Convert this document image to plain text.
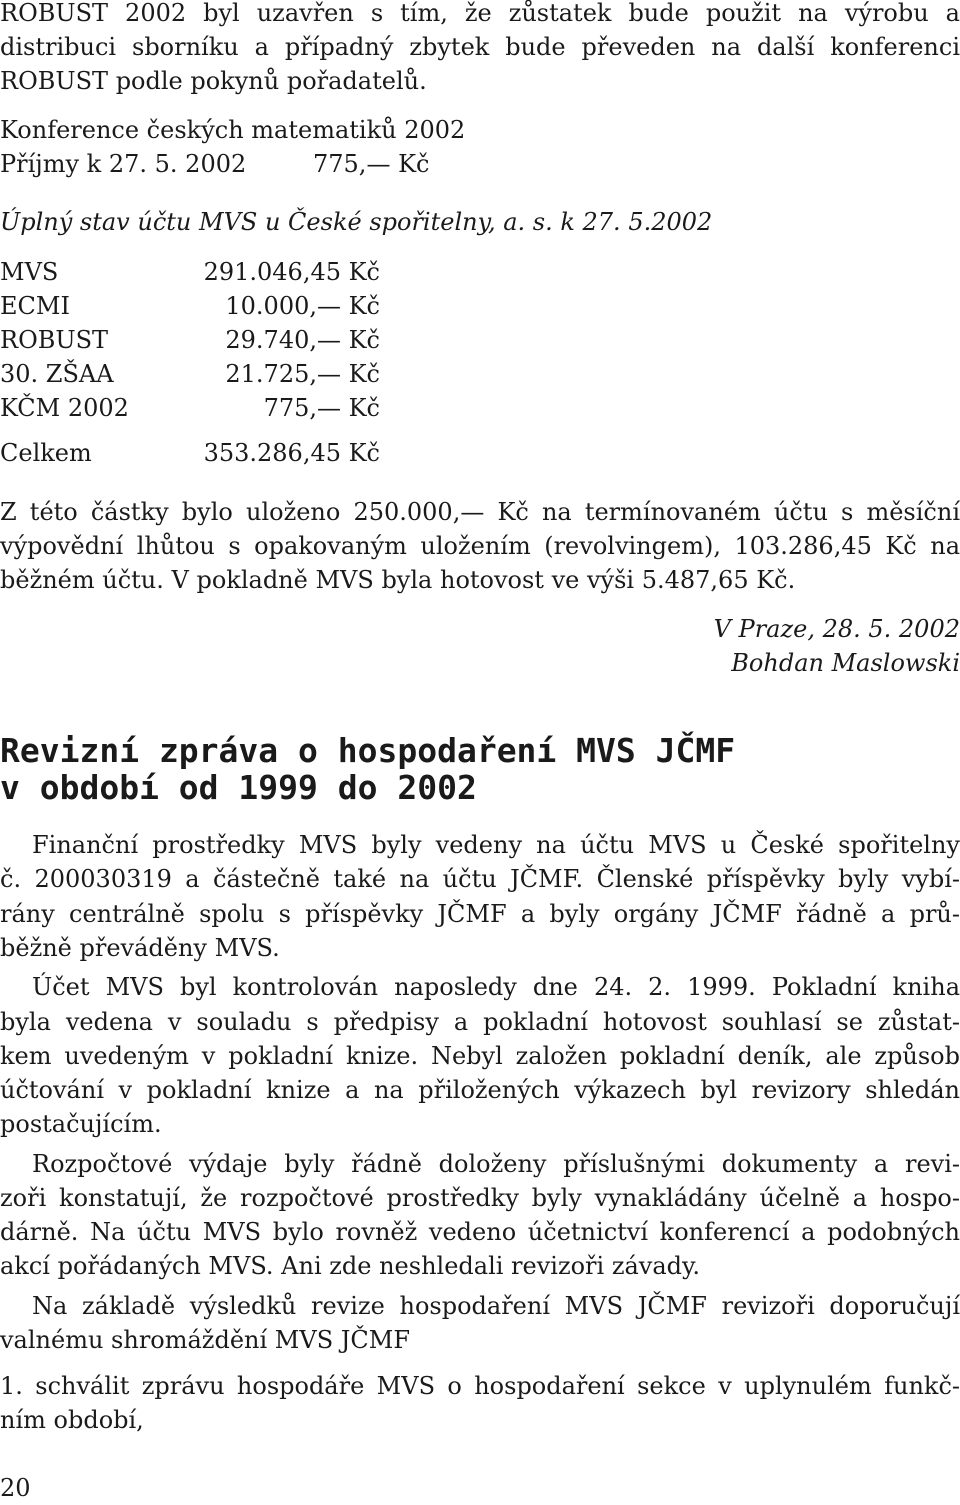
ROBUST 2002 byl uzavřen s tím, že zůstatek bude použit na výrobu a
distribuci sborníku a případný zbytek bude převeden na další konferenci
ROBUST podle pokynů pořadatelů.
Konference českých matematiků 2002
Příjmy k 27. 5. 2002	775,— Kč
Úplný stav účtu MVS u České spořitelny, a. s. k 27. 5.2002
MVS	291.046,45 Kč
ECMI	10.000,— Kč
ROBUST	29.740,— Kč
30. ZŠAA	21.725,— Kč
KČM 2002	775,— Kč
Celkem	353.286,45 Kč
Z této částky bylo uloženo 250.000,— Kč na termínovaném účtu s měsíční
výpovědní lhůtou s opakovaným uložením (revolvingem), 103.286,45 Kč na
běžném účtu. V pokladně MVS byla hotovost ve výši 5.487,65 Kč.
V Praze, 28. 5. 2002
Bohdan Maslowski
Revizní zpráva o hospodaření MVS JČMF
v období od 1999 do 2002
Finanční prostředky MVS byly vedeny na účtu MVS u České spořitelny
č. 200030319 a částečně také na účtu JČMF. Členské příspěvky byly vybí-
rány centrálně spolu s příspěvky JČMF a byly orgány JČMF řádně a prů-
běžně převáděny MVS.
Účet MVS byl kontrolován naposledy dne 24. 2. 1999. Pokladní kniha
byla vedena v souladu s předpisy a pokladní hotovost souhlasí se zůstat-
kem uvedeným v pokladní knize. Nebyl založen pokladní deník, ale způsob
účtování v pokladní knize a na přiložených výkazech byl revizory shledán
postačujícím.
Rozpočtové výdaje byly řádně doloženy příslušnými dokumenty a revi-
zoři konstatují, že rozpočtové prostředky byly vynakládány účelně a hospo-
dárně. Na účtu MVS bylo rovněž vedeno účetnictví konferencí a podobných
akcí pořádaných MVS. Ani zde neshledali revizoři závady.
Na základě výsledků revize hospodaření MVS JČMF revizoři doporučují
valnému shromáždění MVS JČMF
1. schválit zprávu hospodáře MVS o hospodaření sekce v uplynulém funkč-
ním období,
20
